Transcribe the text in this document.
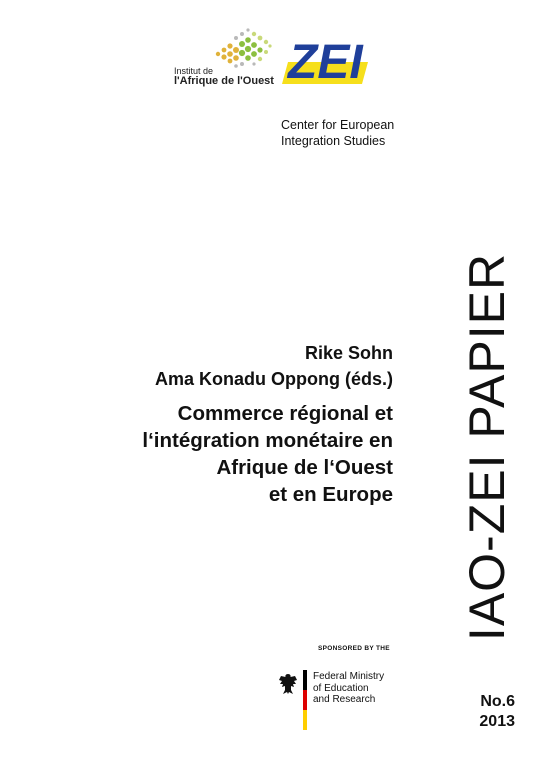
Institut de
l'Afrique de l'Ouest ZEI
Center for European
Integration Studies
IAO-ZEI PAPIER
Rike Sohn
Ama Konadu Oppong (éds.)
Commerce régional et
l‘intégration monétaire en
Afrique de l‘Ouest
et en Europe
SPONSORED BY THE
Federal Ministry
of Education
and Research	No.6
2013
